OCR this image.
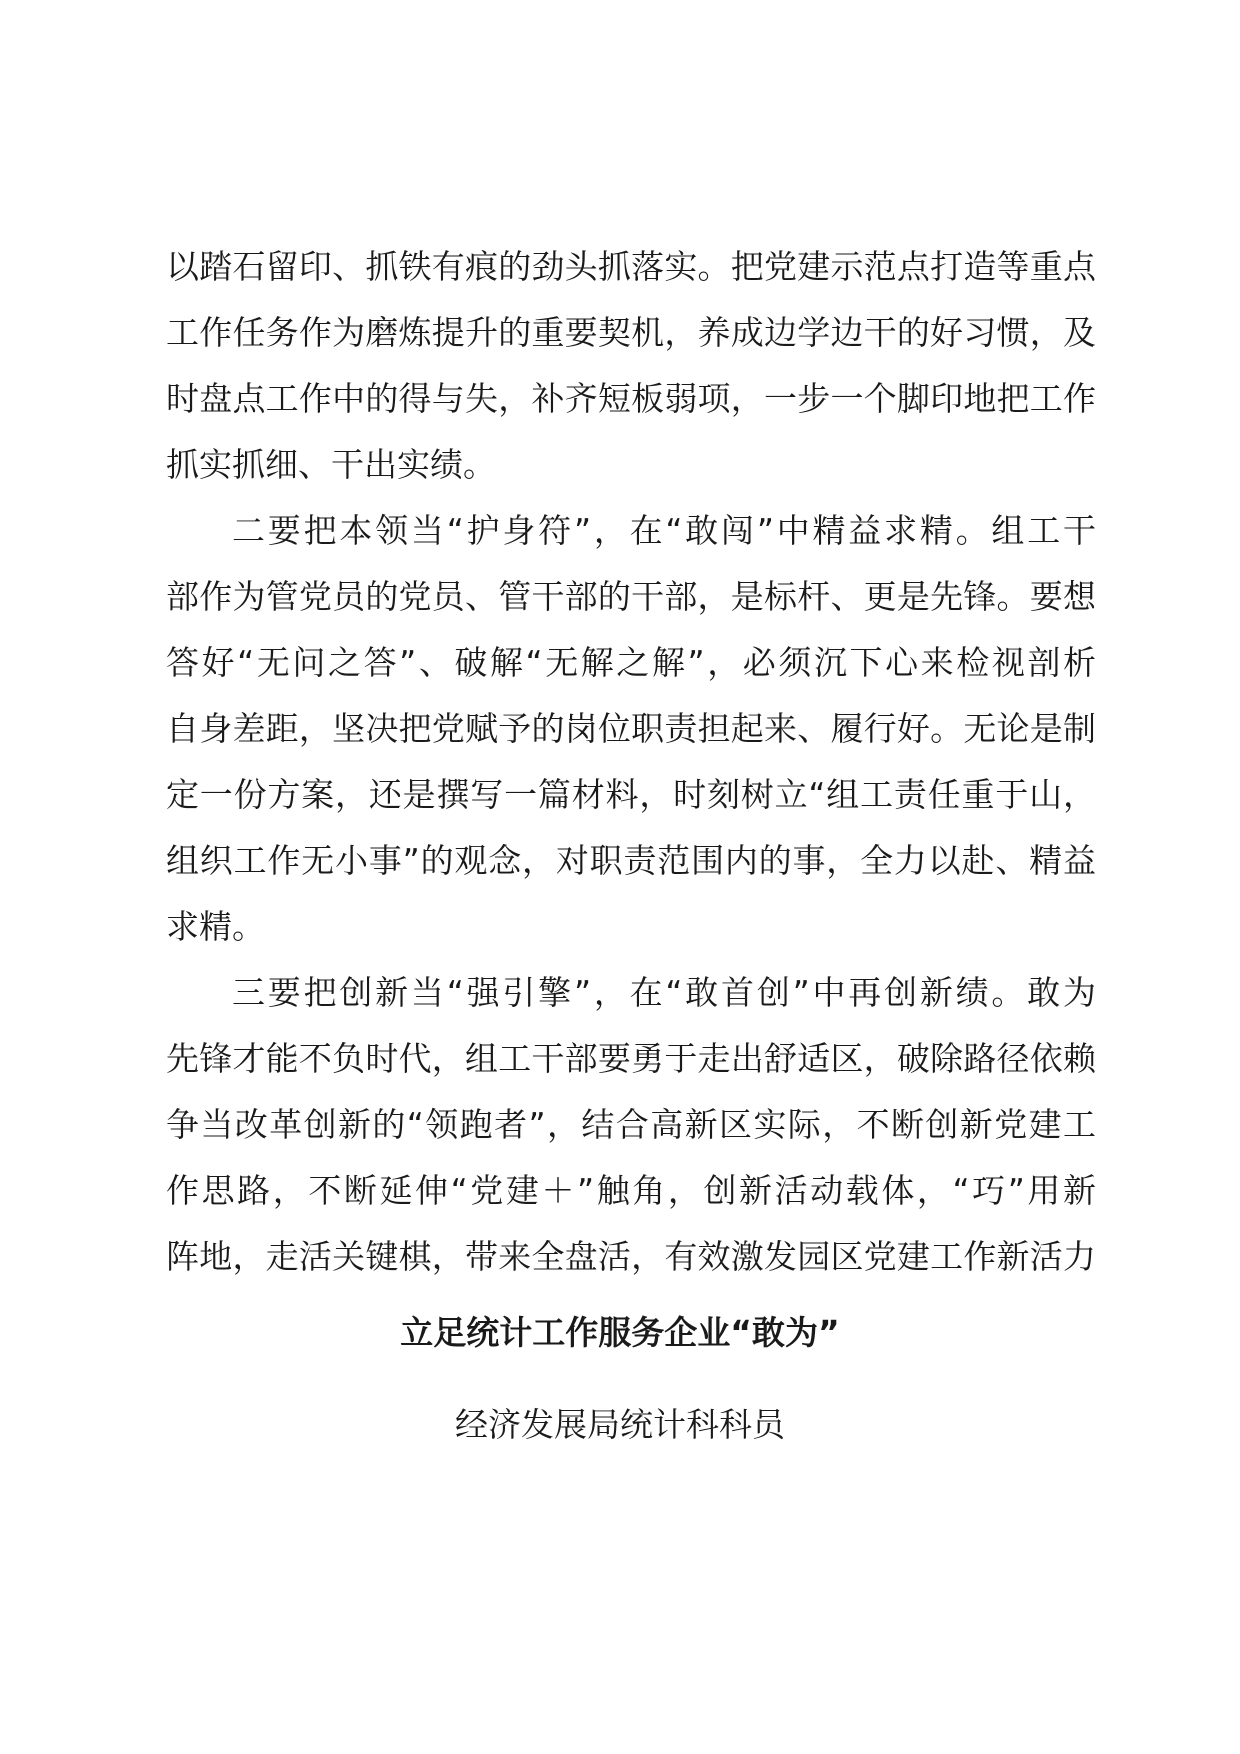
以踏石留印、抓铁有痕的劲头抓落实。把党建示范点打造等重点
工作任务作为磨炼提升的重要契机，养成边学边干的好习惯，及
时盘点工作中的得与失，补齐短板弱项，一步一个脚印地把工作
抓实抓细、干出实绩。
二要把本领当“护身符”，在“敢闯”中精益求精。组工干
部作为管党员的党员、管干部的干部，是标杆、更是先锋。要想
答好“无问之答”、破解“无解之解”，必须沉下心来检视剖析
自身差距，坚决把党赋予的岗位职责担起来、履行好。无论是制
定一份方案，还是撰写一篇材料，时刻树立“组工责任重于山，
组织工作无小事”的观念，对职责范围内的事，全力以赴、精益
求精。
三要把创新当“强引擎”，在“敢首创”中再创新绩。敢为
先锋才能不负时代，组工干部要勇于走出舒适区，破除路径依赖
争当改革创新的“领跑者”，结合高新区实际，不断创新党建工
作思路，不断延伸“党建＋”触角，创新活动载体，“巧”用新
阵地，走活关键棋，带来全盘活，有效激发园区党建工作新活力
立足统计工作服务企业“敢为”
经济发展局统计科科员
